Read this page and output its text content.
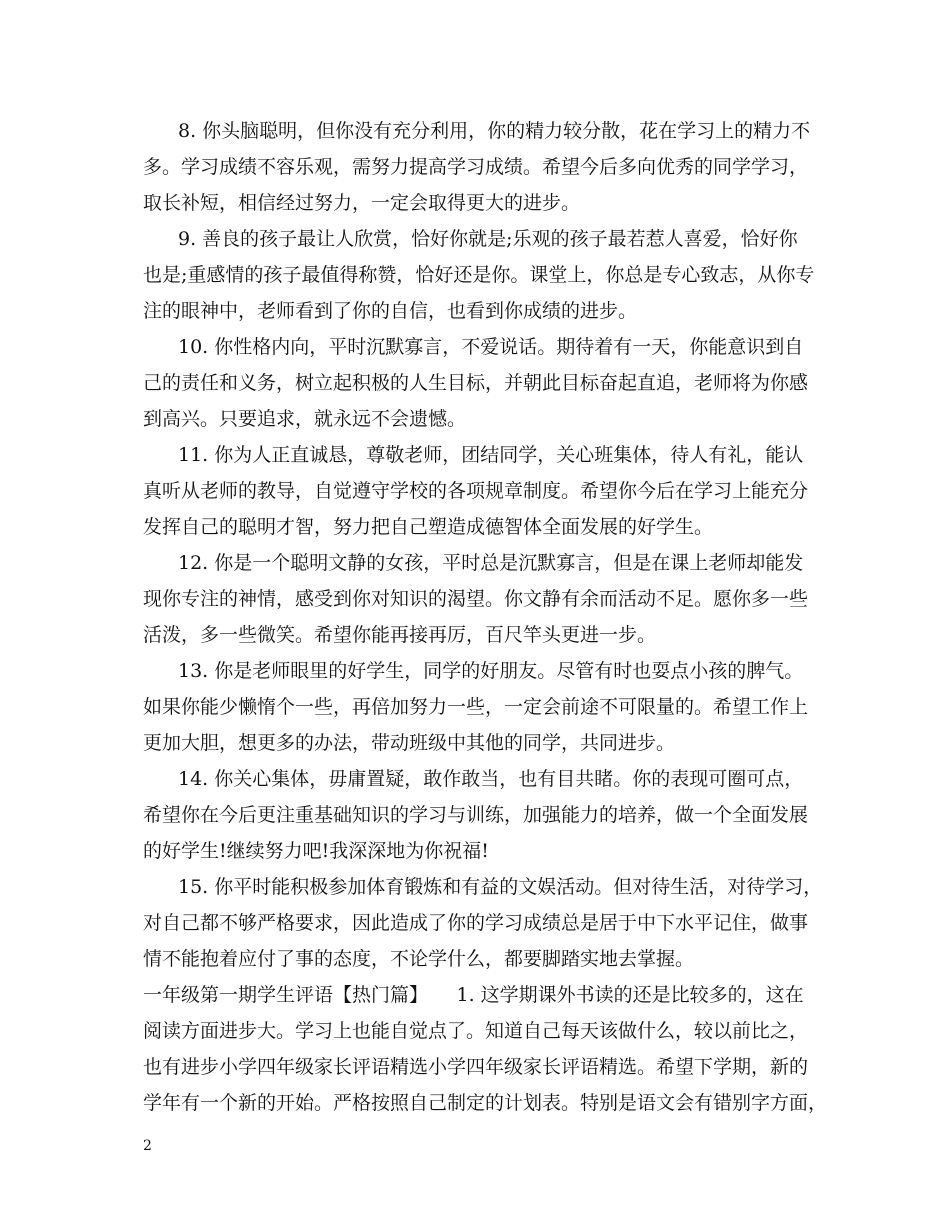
8. 你头脑聪明，但你没有充分利用，你的精力较分散，花在学习上的精力不
多。学习成绩不容乐观，需努力提高学习成绩。希望今后多向优秀的同学学习，
取长补短，相信经过努力，一定会取得更大的进步。
9. 善良的孩子最让人欣赏，恰好你就是;乐观的孩子最若惹人喜爱，恰好你
也是;重感情的孩子最值得称赞，恰好还是你。课堂上，你总是专心致志，从你专
注的眼神中，老师看到了你的自信，也看到你成绩的进步。
10. 你性格内向，平时沉默寡言，不爱说话。期待着有一天，你能意识到自
己的责任和义务，树立起积极的人生目标，并朝此目标奋起直追，老师将为你感
到高兴。只要追求，就永远不会遗憾。
11. 你为人正直诚恳，尊敬老师，团结同学，关心班集体，待人有礼，能认
真听从老师的教导，自觉遵守学校的各项规章制度。希望你今后在学习上能充分
发挥自己的聪明才智，努力把自己塑造成德智体全面发展的好学生。
12. 你是一个聪明文静的女孩，平时总是沉默寡言，但是在课上老师却能发
现你专注的神情，感受到你对知识的渴望。你文静有余而活动不足。愿你多一些
活泼，多一些微笑。希望你能再接再厉，百尺竿头更进一步。
13. 你是老师眼里的好学生，同学的好朋友。尽管有时也耍点小孩的脾气。
如果你能少懒惰个一些，再倍加努力一些，一定会前途不可限量的。希望工作上
更加大胆，想更多的办法，带动班级中其他的同学，共同进步。
14. 你关心集体，毋庸置疑，敢作敢当，也有目共睹。你的表现可圈可点，
希望你在今后更注重基础知识的学习与训练，加强能力的培养，做一个全面发展
的好学生!继续努力吧!我深深地为你祝福!
15. 你平时能积极参加体育锻炼和有益的文娱活动。但对待生活，对待学习，
对自己都不够严格要求，因此造成了你的学习成绩总是居于中下水平记住，做事
情不能抱着应付了事的态度，不论学什么，都要脚踏实地去掌握。
一年级第一期学生评语【热门篇】　　1. 这学期课外书读的还是比较多的，这在
阅读方面进步大。学习上也能自觉点了。知道自己每天该做什么，较以前比之，
也有进步小学四年级家长评语精选小学四年级家长评语精选。希望下学期，新的
学年有一个新的开始。严格按照自己制定的计划表。特别是语文会有错别字方面，
2
